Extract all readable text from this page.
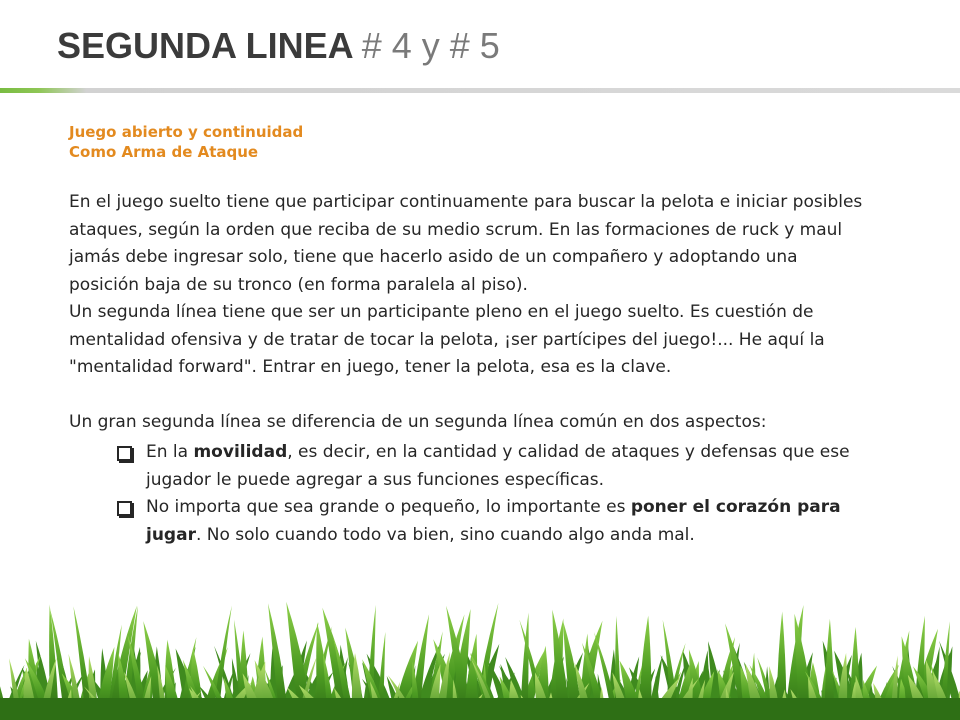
SEGUNDA LINEA # 4 y # 5
Juego abierto y continuidad
Como Arma de Ataque

En el juego suelto tiene que participar continuamente para buscar la pelota e iniciar posibles ataques, según la orden que reciba de su medio scrum. En las formaciones de ruck y maul jamás debe ingresar solo, tiene que hacerlo asido de un compañero y adoptando una posición baja de su tronco (en forma paralela al piso).

Un segunda línea tiene que ser un participante pleno en el juego suelto. Es cuestión de mentalidad ofensiva y de tratar de tocar la pelota, ¡ser partícipes del juego!... He aquí la "mentalidad forward". Entrar en juego, tener la pelota, esa es la clave.

Un gran segunda línea se diferencia de un segunda línea común en dos aspectos:

En la movilidad, es decir, en la cantidad y calidad de ataques y defensas que ese jugador le puede agregar a sus funciones específicas.
No importa que sea grande o pequeño, lo importante es poner el corazón para jugar. No solo cuando todo va bien, sino cuando algo anda mal.
